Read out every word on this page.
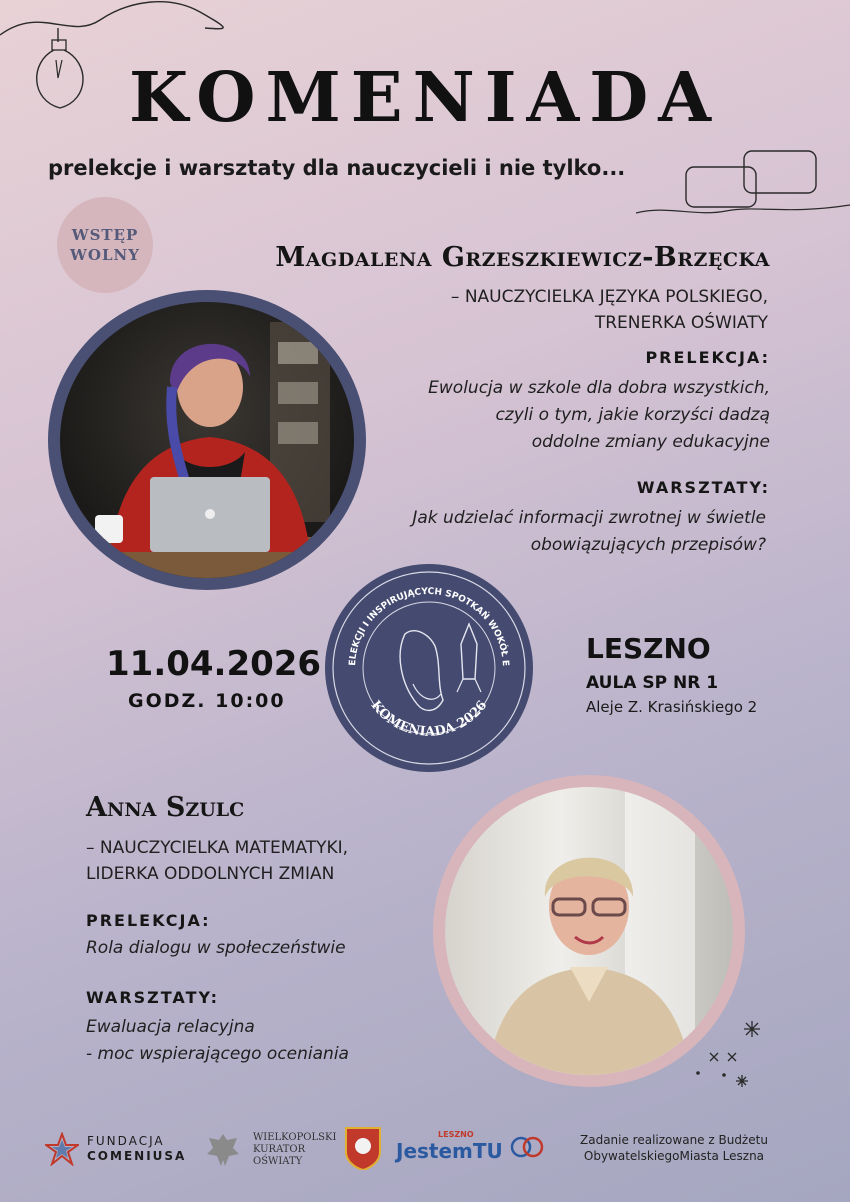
KOMENIADA
prelekcje i warsztaty dla nauczycieli i nie tylko...
WSTĘP
WOLNY	Magdalena Grzeszkiewicz-Brzęcka
– NAUCZYCIELKA JĘZYKA POLSKIEGO,
TRENERKA OŚWIATY
PRELEKCJA:
Ewolucja w szkole dla dobra wszystkich,
czyli o tym, jakie korzyści dadzą
oddolne zmiany edukacyjne
WARSZTATY:
Jak udzielać informacji zwrotnej w świetle
obowiązujących przepisów?
ELEKCJI I INSPIRUJĄCYCH SPOTKAŃ WOKÓŁ E
KOMENIADA 2026
11.04.2026
GODZ. 10:00
LESZNO
AULA SP NR 1
Aleje Z. Krasińskiego 2
Anna Szulc
– NAUCZYCIELKA MATEMATYKI,
LIDERKA ODDOLNYCH ZMIAN
PRELEKCJA:
Rola dialogu w społeczeństwie
WARSZTATY:
Ewaluacja relacyjna
- moc wspierającego oceniania
FUNDACJA
COMENIUSA
WIELKOPOLSKI
KURATOR
OŚWIATY
LESZNO
JestemTU	Zadanie realizowane z Budżetu
ObywatelskiegoMiasta Leszna
